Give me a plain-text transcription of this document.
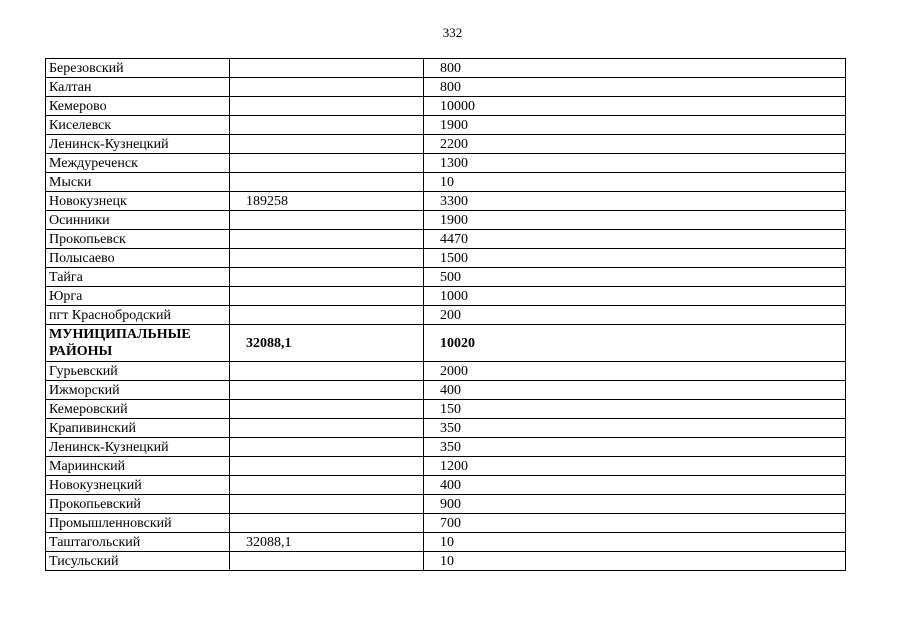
332
Березовский		800
Калтан		800
Кемерово		10000
Киселевск		1900
Ленинск-Кузнецкий		2200
Междуреченск		1300
Мыски		10
Новокузнецк	189258	3300
Осинники		1900
Прокопьевск		4470
Полысаево		1500
Тайга		500
Юрга		1000
пгт Краснобродский		200
МУНИЦИПАЛЬНЫЕ РАЙОНЫ	32088,1	10020
Гурьевский		2000
Ижморский		400
Кемеровский		150
Крапивинский		350
Ленинск-Кузнецкий		350
Мариинский		1200
Новокузнецкий		400
Прокопьевский		900
Промышленновский		700
Таштагольский	32088,1	10
Тисульский		10
